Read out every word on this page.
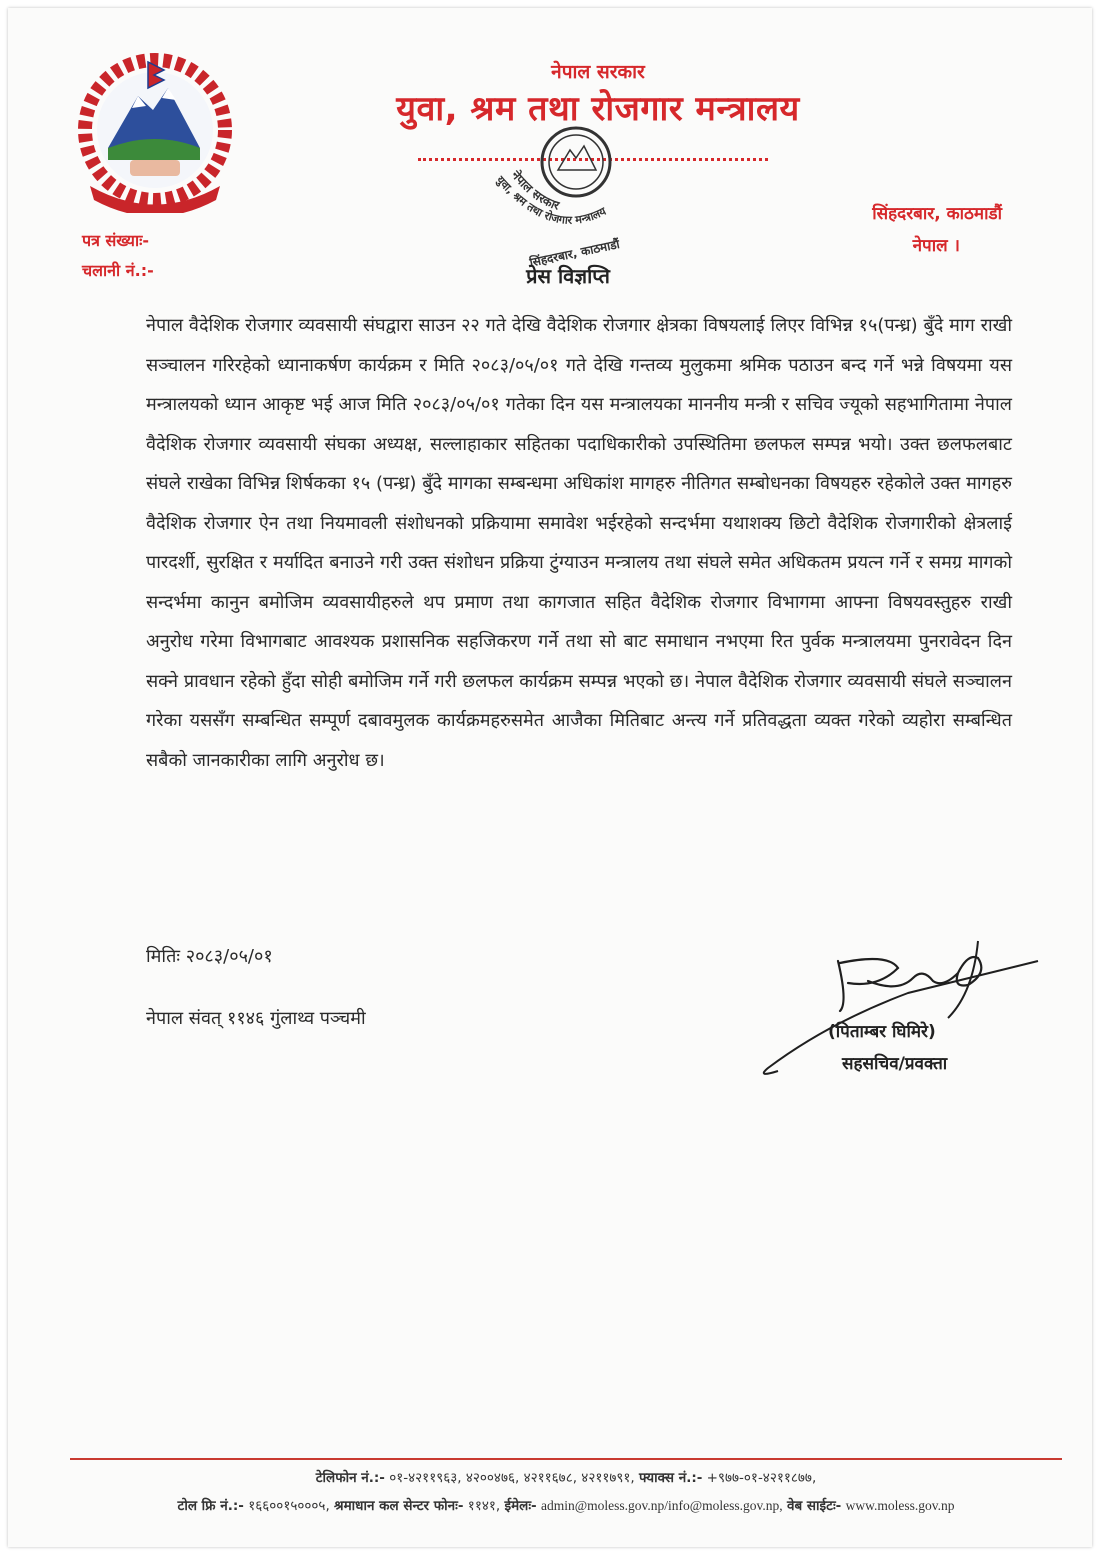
नेपाल सरकार
युवा, श्रम तथा रोजगार मन्त्रालय
नेपाल सरकार
युवा, श्रम तथा रोजगार मन्त्रालय
सिंहदरबार, काठमाडौं
प्रेस विज्ञप्ति
पत्र संख्याः-
चलानी नं.:-
सिंहदरबार, काठमाडौं
नेपाल ।
नेपाल वैदेशिक रोजगार व्यवसायी संघद्वारा साउन २२ गते देखि वैदेशिक रोजगार क्षेत्रका विषयलाई लिएर विभिन्न १५(पन्ध्र) बुँदे माग राखी सञ्चालन गरिरहेको ध्यानाकर्षण कार्यक्रम र मिति २०८३/०५/०१ गते देखि गन्तव्य मुलुकमा श्रमिक पठाउन बन्द गर्ने भन्ने विषयमा यस मन्त्रालयको ध्यान आकृष्ट भई आज मिति २०८३/०५/०१ गतेका दिन यस मन्त्रालयका माननीय मन्त्री र सचिव ज्यूको सहभागितामा नेपाल वैदेशिक रोजगार व्यवसायी संघका अध्यक्ष, सल्लाहाकार सहितका पदाधिकारीको उपस्थितिमा छलफल सम्पन्न भयो। उक्त छलफलबाट संघले राखेका विभिन्न शिर्षकका १५ (पन्ध्र) बुँदे मागका सम्बन्धमा अधिकांश मागहरु नीतिगत सम्बोधनका विषयहरु रहेकोले उक्त मागहरु वैदेशिक रोजगार ऐन तथा नियमावली संशोधनको प्रक्रियामा समावेश भईरहेको सन्दर्भमा यथाशक्य छिटो वैदेशिक रोजगारीको क्षेत्रलाई पारदर्शी, सुरक्षित र मर्यादित बनाउने गरी उक्त संशोधन प्रक्रिया टुंग्याउन मन्त्रालय तथा संघले समेत अधिकतम प्रयत्न गर्ने र समग्र मागको सन्दर्भमा कानुन बमोजिम व्यवसायीहरुले थप प्रमाण तथा कागजात सहित वैदेशिक रोजगार विभागमा आफ्ना विषयवस्तुहरु राखी अनुरोध गरेमा विभागबाट आवश्यक प्रशासनिक सहजिकरण गर्ने तथा सो बाट समाधान नभएमा रित पुर्वक मन्त्रालयमा पुनरावेदन दिन सक्ने प्रावधान रहेको हुँदा सोही बमोजिम गर्ने गरी छलफल कार्यक्रम सम्पन्न भएको छ। नेपाल वैदेशिक रोजगार व्यवसायी संघले सञ्चालन गरेका यससँग सम्बन्धित सम्पूर्ण दबावमुलक कार्यक्रमहरुसमेत आजैका मितिबाट अन्त्य गर्ने प्रतिवद्धता व्यक्त गरेको व्यहोरा सम्बन्धित सबैको जानकारीका लागि अनुरोध छ।
मितिः २०८३/०५/०१
नेपाल संवत् ११४६ गुंलाथ्व पञ्चमी
(पिताम्बर घिमिरे)
सहसचिव/प्रवक्ता
टेलिफोन नं.:- ०१-४२११९६३, ४२००४७६, ४२११६७८, ४२११७९१, फ्याक्स नं.:- +९७७-०१-४२११८७७,
टोल फ्रि नं.:- १६६००१५०००५, श्रमाधान कल सेन्टर फोनः- ११४१, ईमेलः- admin@moless.gov.np/info@moless.gov.np, वेब साईटः- www.moless.gov.np
